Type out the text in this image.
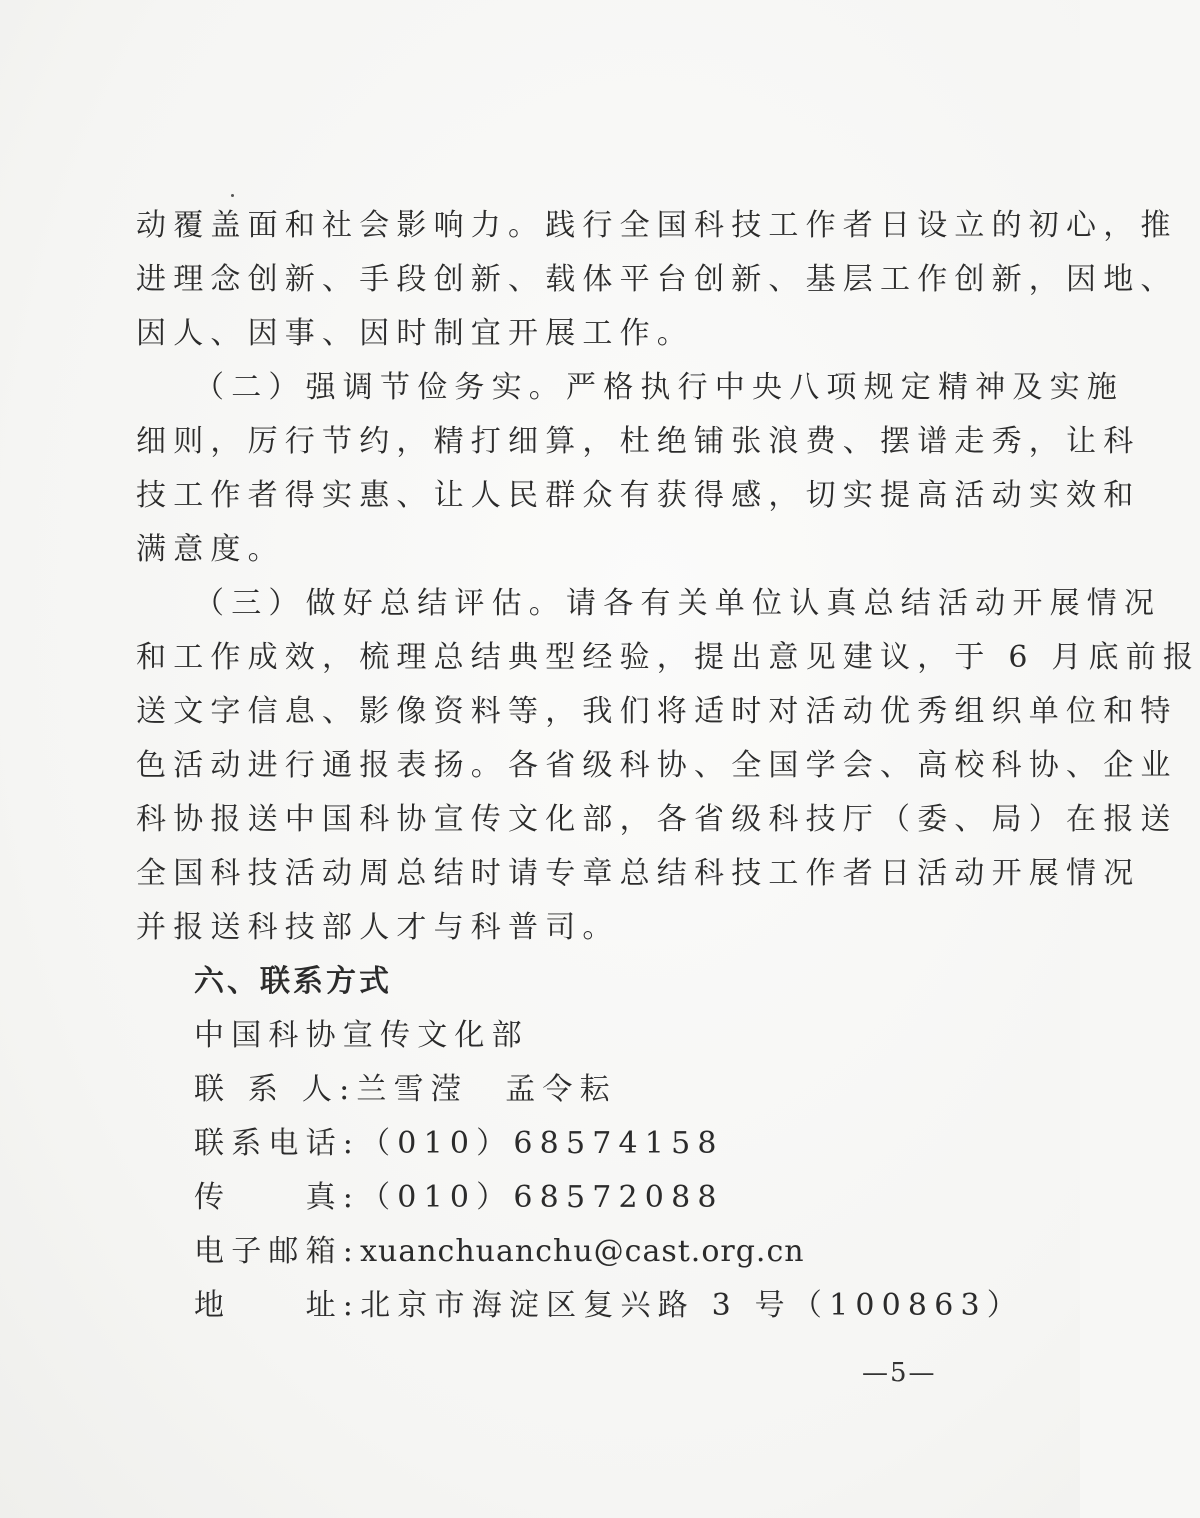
动覆盖面和社会影响力。践行全国科技工作者日设立的初心，推
进理念创新、手段创新、载体平台创新、基层工作创新，因地、
因人、因事、因时制宜开展工作。
（二）强调节俭务实。严格执行中央八项规定精神及实施
细则，厉行节约，精打细算，杜绝铺张浪费、摆谱走秀，让科
技工作者得实惠、让人民群众有获得感，切实提高活动实效和
满意度。
（三）做好总结评估。请各有关单位认真总结活动开展情况
和工作成效，梳理总结典型经验，提出意见建议，于 6 月底前报
送文字信息、影像资料等，我们将适时对活动优秀组织单位和特
色活动进行通报表扬。各省级科协、全国学会、高校科协、企业
科协报送中国科协宣传文化部，各省级科技厅（委、局）在报送
全国科技活动周总结时请专章总结科技工作者日活动开展情况
并报送科技部人才与科普司。
六、联系方式
中国科协宣传文化部
联 系 人:兰雪滢　孟令耘
联系电话:（010）68574158
传　　真:（010）68572088
电子邮箱:xuanchuanchu@cast.org.cn
地　　址:北京市海淀区复兴路 3 号（100863）
—5—
